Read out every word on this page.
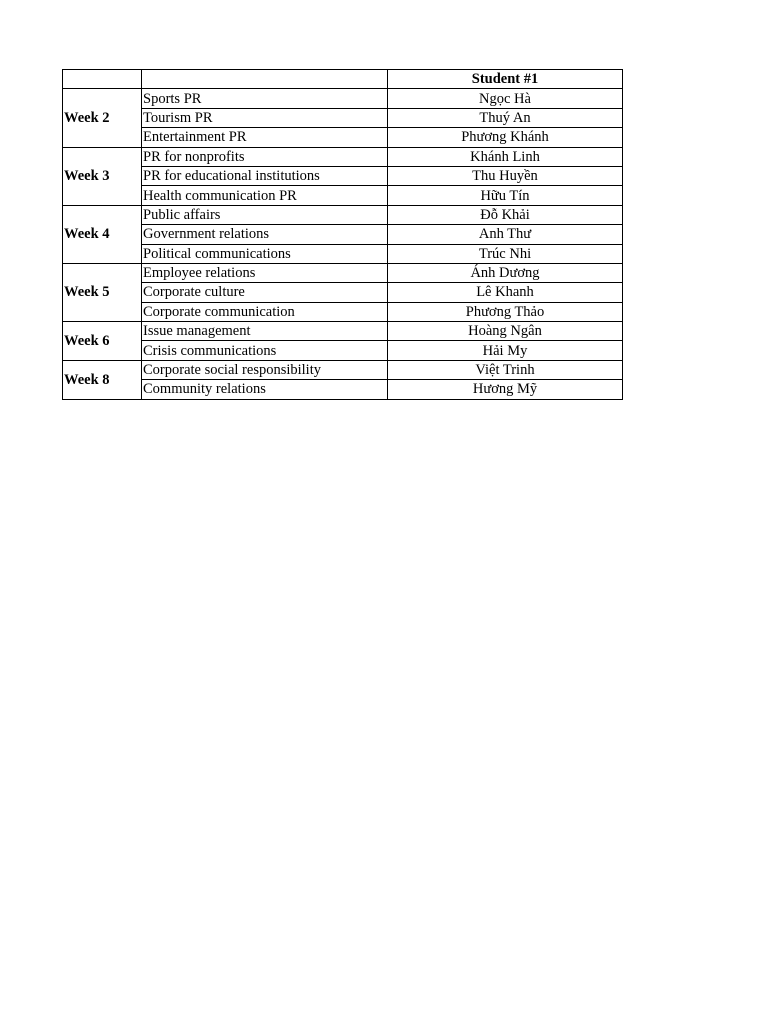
		Student #1
Week 2	Sports PR	Ngọc Hà
	Tourism PR	Thuý An
	Entertainment PR	Phương Khánh
Week 3	PR for nonprofits	Khánh Linh
	PR for educational institutions	Thu Huyền
	Health communication PR	Hữu Tín
Week 4	Public affairs	Đỗ Khải
	Government relations	Anh Thư
	Political communications	Trúc Nhi
Week 5	Employee relations	Ánh Dương
	Corporate culture	Lê Khanh
	Corporate communication	Phương Thảo
Week 6	Issue management	Hoàng Ngân
	Crisis communications	Hải My
Week 8	Corporate social responsibility	Việt Trinh
	Community relations	Hương Mỹ
